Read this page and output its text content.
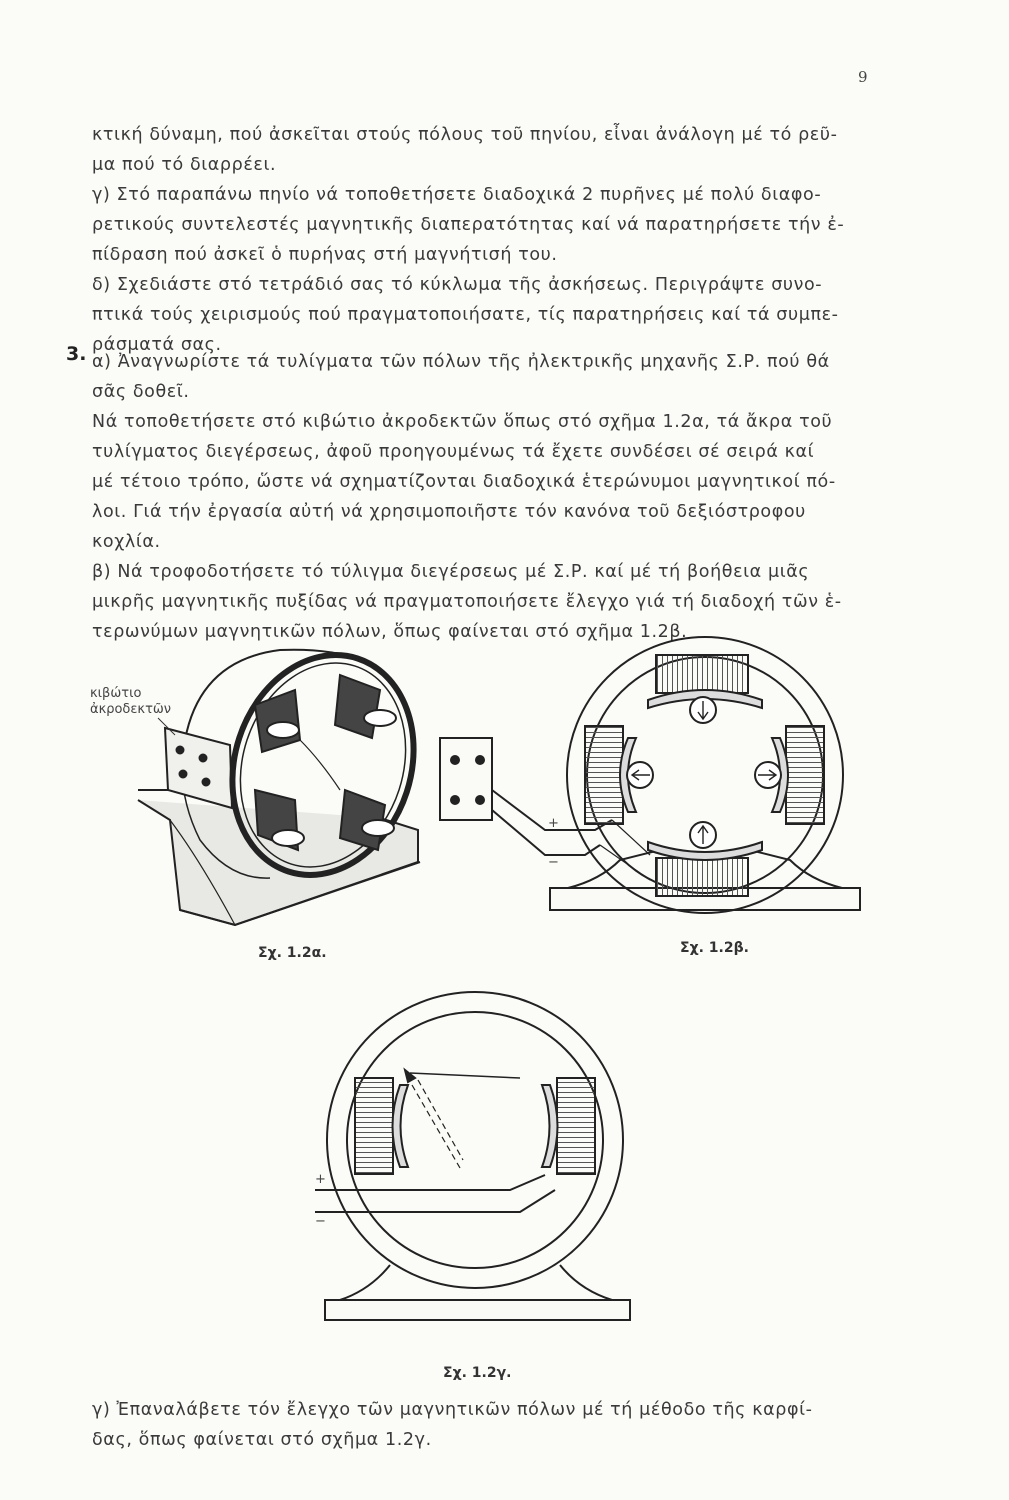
9
κτική δύναμη, πού ἀσκεῖται στούς πόλους τοῦ πηνίου, εἶναι ἀνάλογη μέ τό ρεῦ-
μα πού τό διαρρέει.
γ) Στό παραπάνω πηνίο νά τοποθετήσετε διαδοχικά 2 πυρῆνες μέ πολύ διαφο-
ρετικούς συντελεστές μαγνητικῆς διαπερατότητας καί νά παρατηρήσετε τήν ἐ-
πίδραση πού ἀσκεῖ ὁ πυρήνας στή μαγνήτισή του.
δ) Σχεδιάστε στό τετράδιό σας τό κύκλωμα τῆς ἀσκήσεως. Περιγράψτε συνο-
πτικά τούς χειρισμούς πού πραγματοποιήσατε, τίς παρατηρήσεις καί τά συμπε-
ράσματά σας.
3. α) Ἀναγνωρίστε τά τυλίγματα τῶν πόλων τῆς ἠλεκτρικῆς μηχανῆς Σ.Ρ. πού θά
σᾶς δοθεῖ.
Νά τοποθετήσετε στό κιβώτιο ἀκροδεκτῶν ὅπως στό σχῆμα 1.2α, τά ἄκρα τοῦ
τυλίγματος διεγέρσεως, ἀφοῦ προηγουμένως τά ἔχετε συνδέσει σέ σειρά καί
μέ τέτοιο τρόπο, ὥστε νά σχηματίζονται διαδοχικά ἑτερώνυμοι μαγνητικοί πό-
λοι. Γιά τήν ἐργασία αὐτή νά χρησιμοποιῆστε τόν κανόνα τοῦ δεξιόστροφου
κοχλία.
β) Νά τροφοδοτήσετε τό τύλιγμα διεγέρσεως μέ Σ.Ρ. καί μέ τή βοήθεια μιᾶς
μικρῆς μαγνητικῆς πυξίδας νά πραγματοποιήσετε ἔλεγχο γιά τή διαδοχή τῶν ἑ-
τερωνύμων μαγνητικῶν πόλων, ὅπως φαίνεται στό σχῆμα 1.2β.
κιβώτιο
ἀκροδεκτῶν
+
−
+
−
Σχ. 1.2α.	Σχ. 1.2β.
Σχ. 1.2γ.
γ) Ἐπαναλάβετε τόν ἔλεγχο τῶν μαγνητικῶν πόλων μέ τή μέθοδο τῆς καρφί-
δας, ὅπως φαίνεται στό σχῆμα 1.2γ.
